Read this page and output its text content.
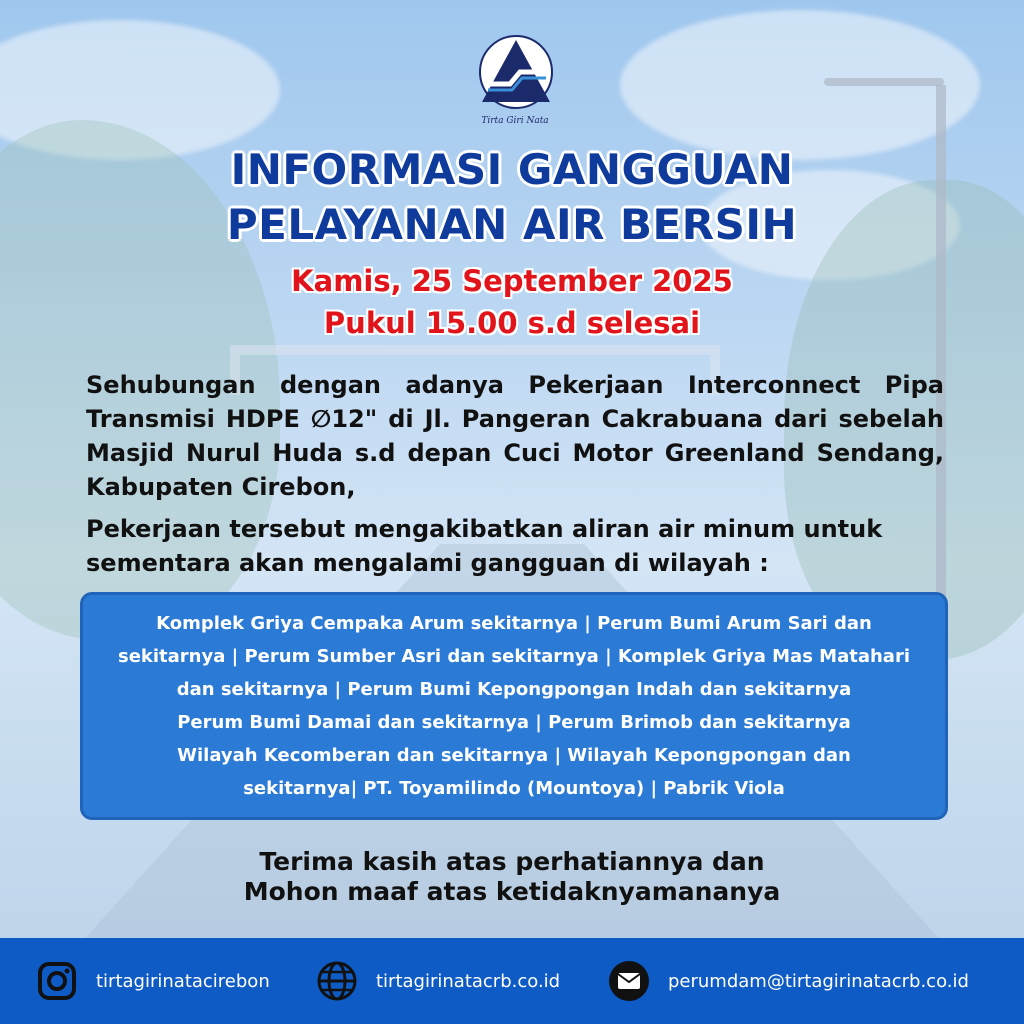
Tirta Giri Nata
INFORMASI GANGGUAN
PELAYANAN AIR BERSIH
Kamis, 25 September 2025
Pukul 15.00 s.d selesai
Sehubungan dengan adanya Pekerjaan Interconnect Pipa Transmisi HDPE ∅12" di Jl. Pangeran Cakrabuana dari sebelah Masjid Nurul Huda s.d depan Cuci Motor Greenland Sendang, Kabupaten Cirebon,
Pekerjaan tersebut mengakibatkan aliran air minum untuk sementara akan mengalami gangguan di wilayah :
Komplek Griya Cempaka Arum sekitarnya | Perum Bumi Arum Sari dan
sekitarnya | Perum Sumber Asri dan sekitarnya | Komplek Griya Mas Matahari
dan sekitarnya | Perum Bumi Kepongpongan Indah dan sekitarnya
Perum Bumi Damai dan sekitarnya | Perum Brimob dan sekitarnya
Wilayah Kecomberan dan sekitarnya | Wilayah Kepongpongan dan
sekitarnya| PT. Toyamilindo (Mountoya) | Pabrik Viola
Terima kasih atas perhatiannya dan
Mohon maaf atas ketidaknyamananya
tirtagirinatacirebon	tirtagirinatacrb.co.id	perumdam@tirtagirinatacrb.co.id
